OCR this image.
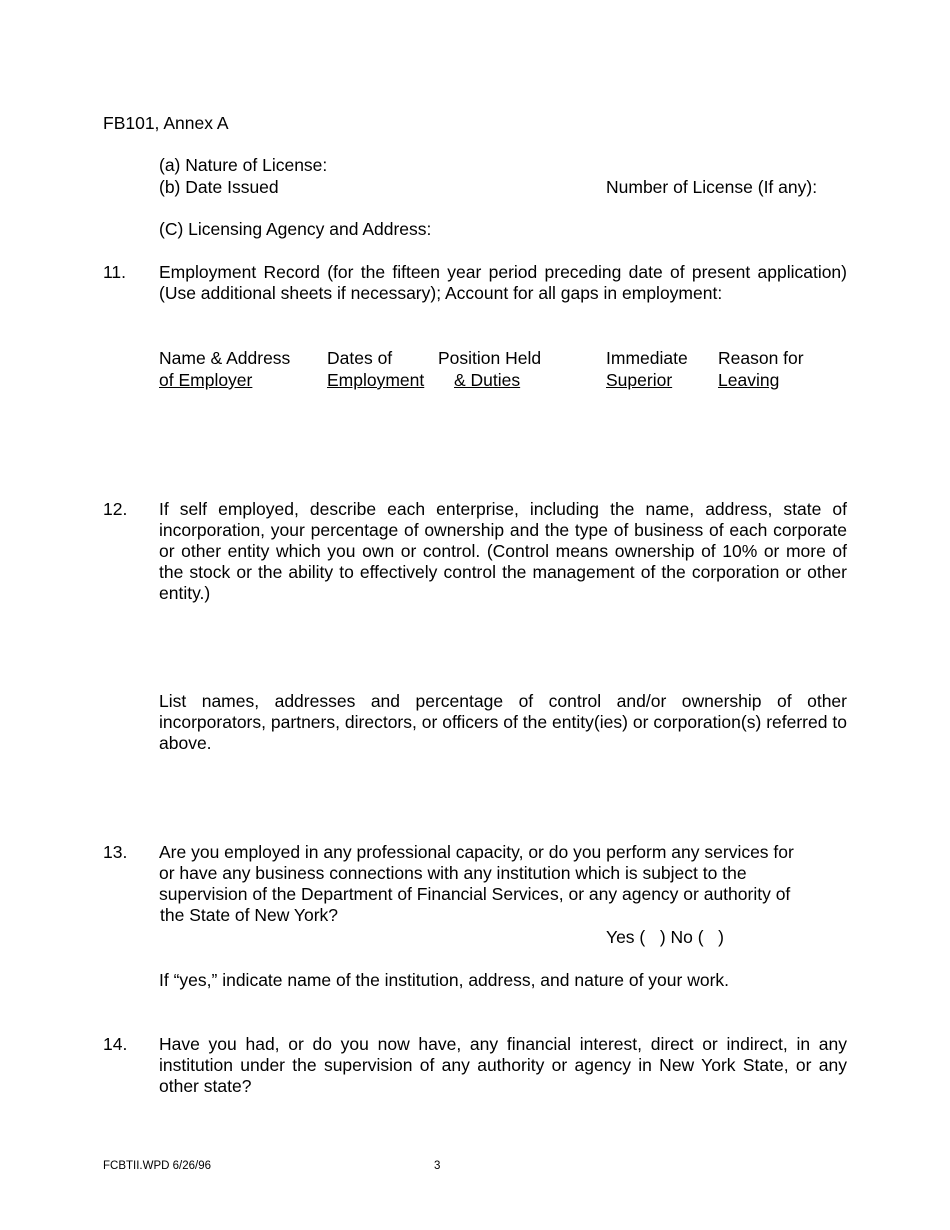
FB101, Annex A
(a) Nature of License:
(b) Date Issued	Number of License (If any):
(C) Licensing Agency and Address:
11. Employment Record (for the fifteen year period preceding date of present application) (Use additional sheets if necessary); Account for all gaps in employment:
Name & Address
of Employer
Dates of
Employment
Position Held
& Duties
Immediate
Superior
Reason for
Leaving
12. If self employed, describe each enterprise, including the name, address, state of incorporation, your percentage of ownership and the type of business of each corporate or other entity which you own or control. (Control means ownership of 10% or more of the stock or the ability to effectively control the management of the corporation or other entity.)
List names, addresses and percentage of control and/or ownership of other incorporators, partners, directors, or officers of the entity(ies) or corporation(s) referred to above.
13. Are you employed in any professional capacity, or do you perform any services for
or have any business connections with any institution which is subject to the
supervision of the Department of Financial Services, or any agency or authority of
the State of New York?
Yes (   ) No (   )
If “yes,” indicate name of the institution, address, and nature of your work.
14. Have you had, or do you now have, any financial interest, direct or indirect, in any institution under the supervision of any authority or agency in New York State, or any other state?
FCBTII.WPD 6/26/96	3
